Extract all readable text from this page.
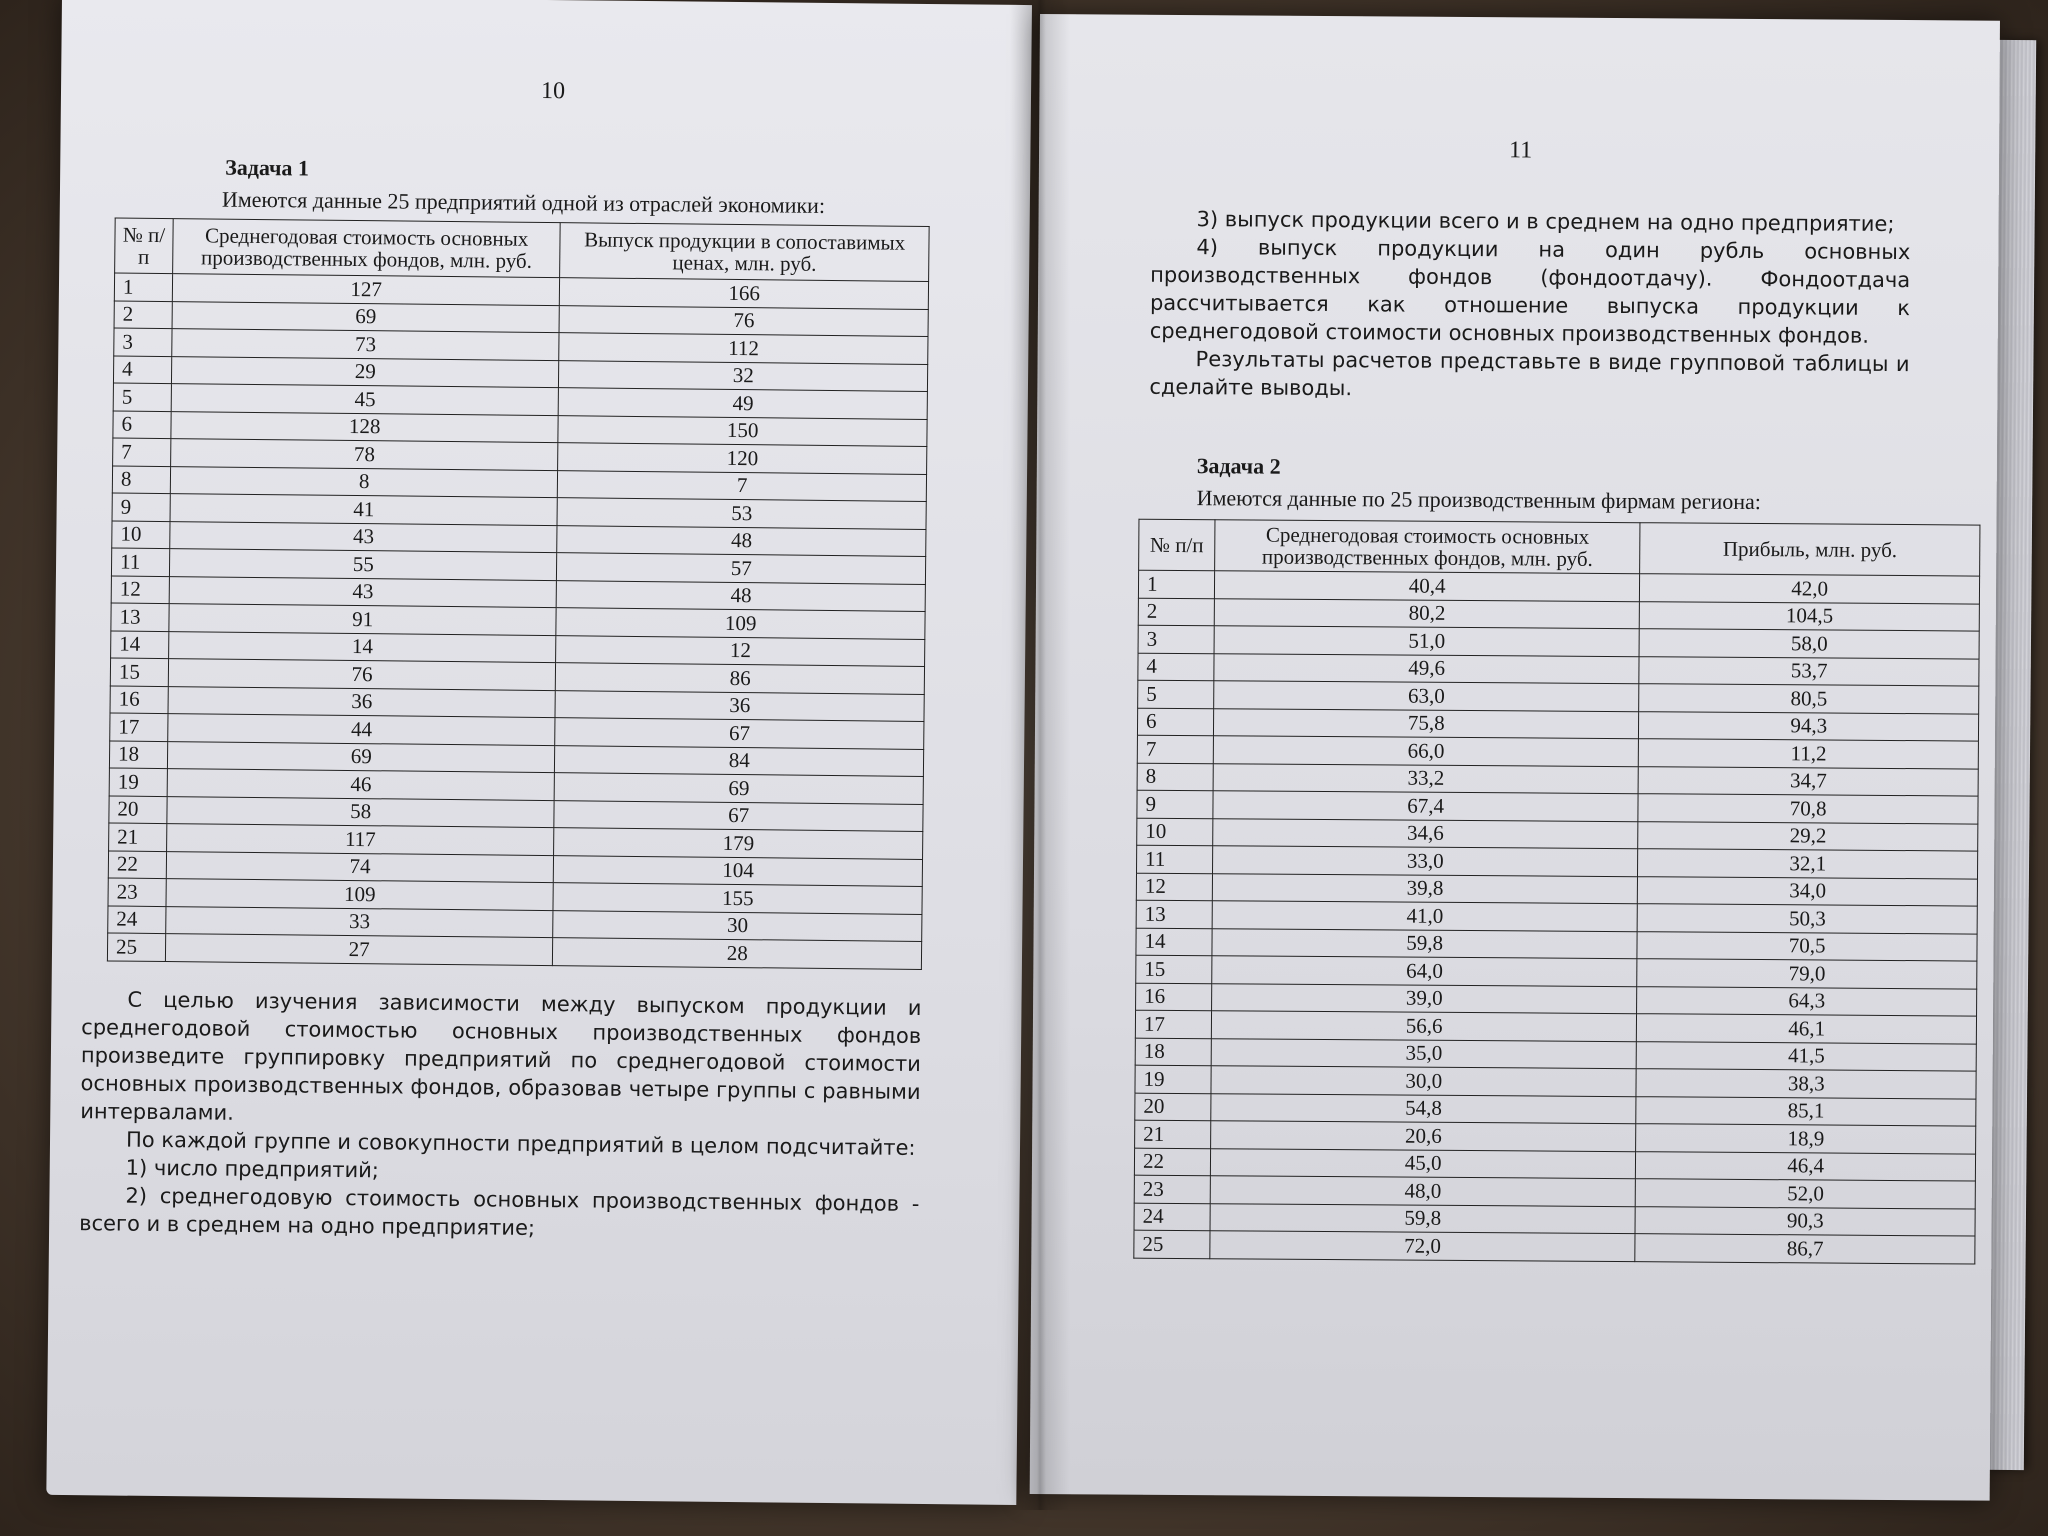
10
Задача 1
Имеются данные 25 предприятий одной из отраслей экономики:
№ п/п	Среднегодовая стоимость основных производственных фондов, млн. руб.	Выпуск продукции в сопоставимых ценах, млн. руб.
1	127	166
2	69	76
3	73	112
4	29	32
5	45	49
6	128	150
7	78	120
8	8	7
9	41	53
10	43	48
11	55	57
12	43	48
13	91	109
14	14	12
15	76	86
16	36	36
17	44	67
18	69	84
19	46	69
20	58	67
21	117	179
22	74	104
23	109	155
24	33	30
25	27	28

С целью изучения зависимости между выпуском продукции и среднегодовой стоимостью основных производственных фондов произведите группировку предприятий по среднегодовой стоимости основных производственных фондов, образовав четыре группы с равными интервалами.

По каждой группе и совокупности предприятий в целом подсчитайте:

1) число предприятий;

2) среднегодовую стоимость основных производственных фондов - всего и в среднем на одно предприятие;

11

3) выпуск продукции всего и в среднем на одно предприятие;

4) выпуск продукции на один рубль основных производственных фондов (фондоотдачу). Фондоотдача рассчитывается как отношение выпуска продукции к среднегодовой стоимости основных производственных фондов.

Результаты расчетов представьте в виде групповой таблицы и сделайте выводы.

Задача 2
Имеются данные по 25 производственным фирмам региона:
№ п/п	Среднегодовая стоимость основных производственных фондов, млн. руб.	Прибыль, млн. руб.
1	40,4	42,0
2	80,2	104,5
3	51,0	58,0
4	49,6	53,7
5	63,0	80,5
6	75,8	94,3
7	66,0	11,2
8	33,2	34,7
9	67,4	70,8
10	34,6	29,2
11	33,0	32,1
12	39,8	34,0
13	41,0	50,3
14	59,8	70,5
15	64,0	79,0
16	39,0	64,3
17	56,6	46,1
18	35,0	41,5
19	30,0	38,3
20	54,8	85,1
21	20,6	18,9
22	45,0	46,4
23	48,0	52,0
24	59,8	90,3
25	72,0	86,7
